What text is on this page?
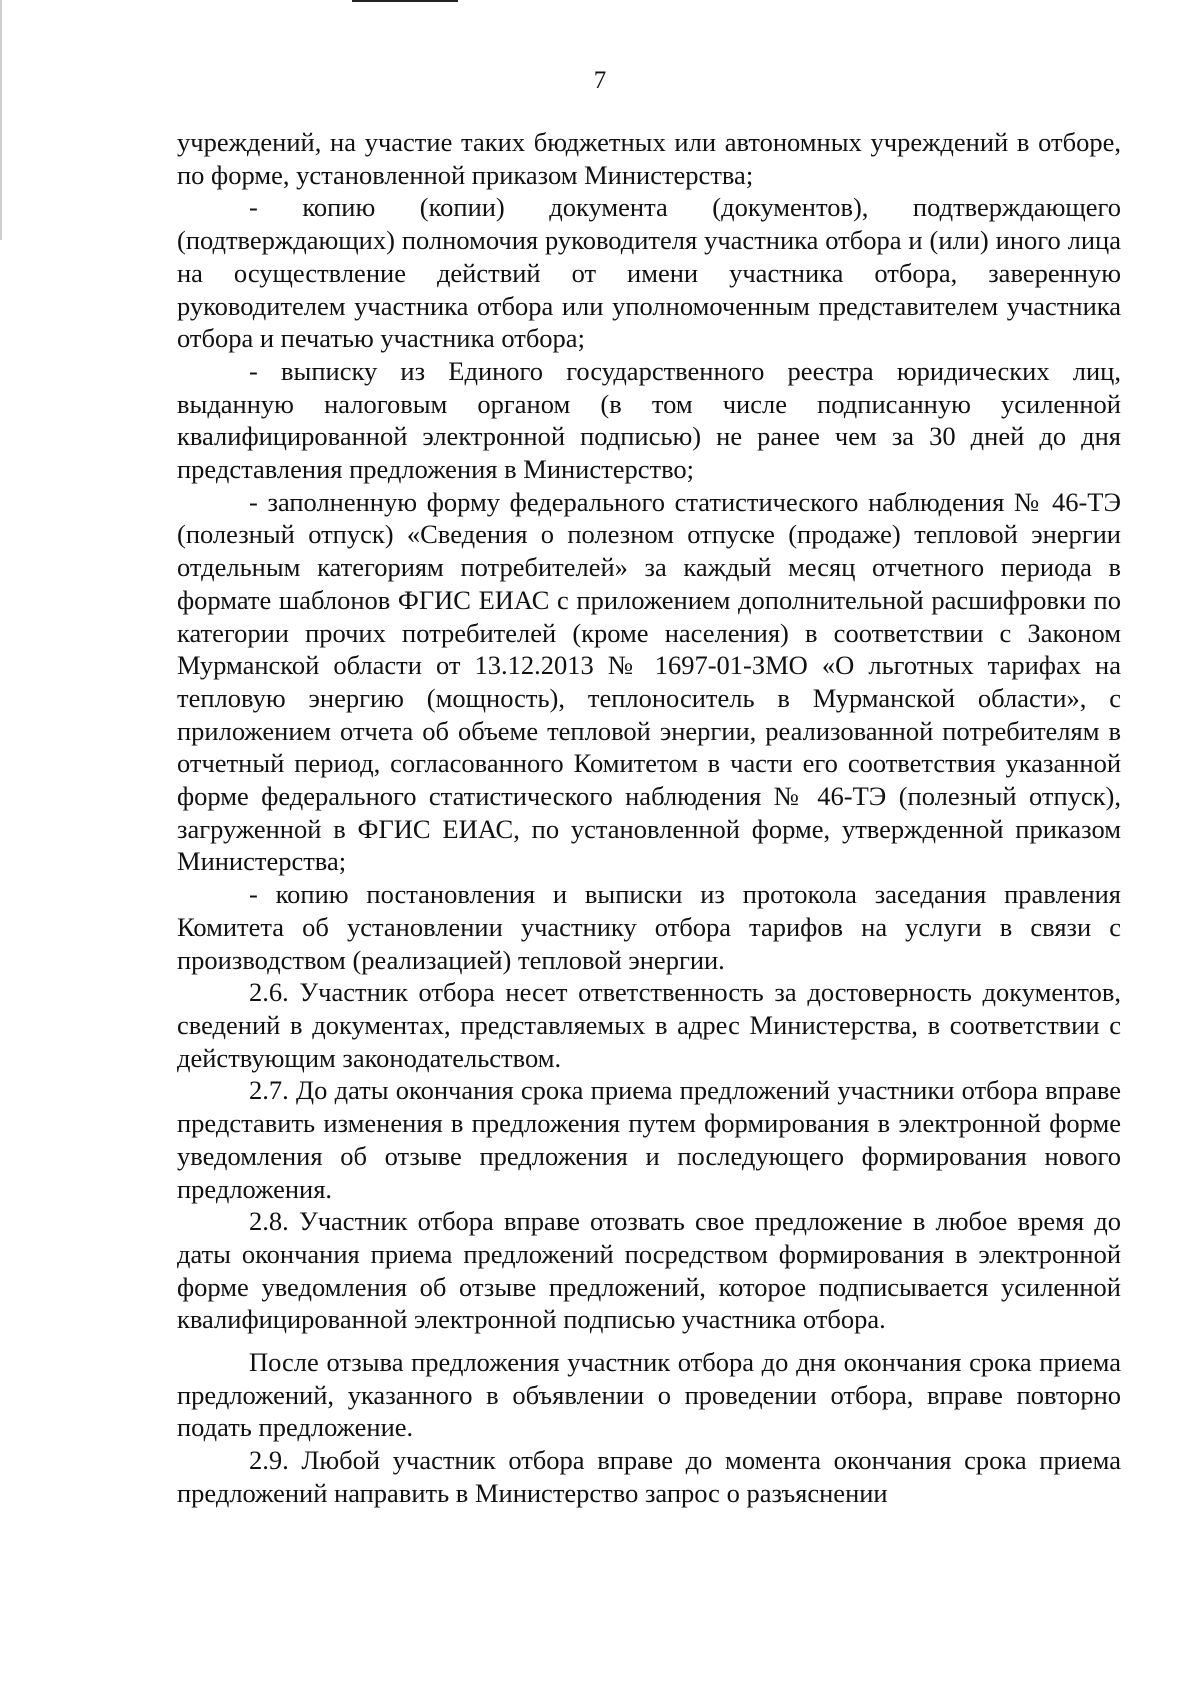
7

учреждений, на участие таких бюджетных или автономных учреждений в отборе, по форме, установленной приказом Министерства;

- копию (копии) документа (документов), подтверждающего (подтверждающих) полномочия руководителя участника отбора и (или) иного лица на осуществление действий от имени участника отбора, заверенную руководителем участника отбора или уполномоченным представителем участника отбора и печатью участника отбора;

- выписку из Единого государственного реестра юридических лиц, выданную налоговым органом (в том числе подписанную усиленной квалифицированной электронной подписью) не ранее чем за 30 дней до дня представления предложения в Министерство;

- заполненную форму федерального статистического наблюдения № 46-ТЭ (полезный отпуск) «Сведения о полезном отпуске (продаже) тепловой энергии отдельным категориям потребителей» за каждый месяц отчетного периода в формате шаблонов ФГИС ЕИАС с приложением дополнительной расшифровки по категории прочих потребителей (кроме населения) в соответствии с Законом Мурманской области от 13.12.2013 № 1697-01-ЗМО «О льготных тарифах на тепловую энергию (мощность), теплоноситель в Мурманской области», с приложением отчета об объеме тепловой энергии, реализованной потребителям в отчетный период, согласованного Комитетом в части его соответствия указанной форме федерального статистического наблюдения № 46-ТЭ (полезный отпуск), загруженной в ФГИС ЕИАС, по установленной форме, утвержденной приказом Министерства;

- копию постановления и выписки из протокола заседания правления Комитета об установлении участнику отбора тарифов на услуги в связи с производством (реализацией) тепловой энергии.

2.6. Участник отбора несет ответственность за достоверность документов, сведений в документах, представляемых в адрес Министерства, в соответствии с действующим законодательством.

2.7. До даты окончания срока приема предложений участники отбора вправе представить изменения в предложения путем формирования в электронной форме уведомления об отзыве предложения и последующего формирования нового предложения.

2.8. Участник отбора вправе отозвать свое предложение в любое время до даты окончания приема предложений посредством формирования в электронной форме уведомления об отзыве предложений, которое подписывается усиленной квалифицированной электронной подписью участника отбора.

После отзыва предложения участник отбора до дня окончания срока приема предложений, указанного в объявлении о проведении отбора, вправе повторно подать предложение.

2.9. Любой участник отбора вправе до момента окончания срока приема предложений направить в Министерство запрос о разъяснении
